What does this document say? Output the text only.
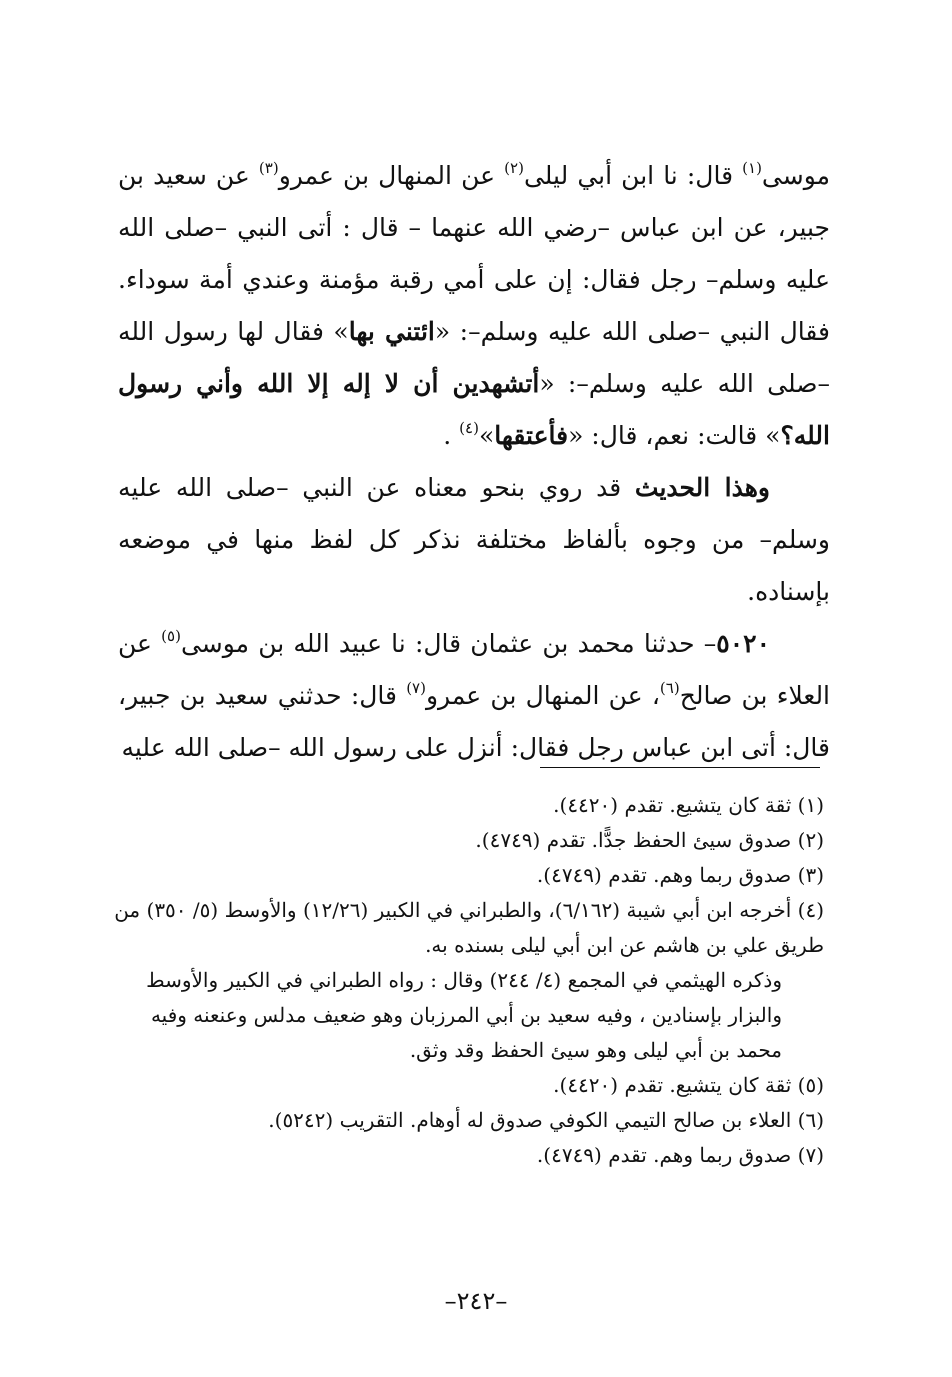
موسى$^{(١)}$ قال: نا ابن أبي ليلى$^{(٢)}$ عن المنهال بن عمرو$^{(٣)}$ عن سعيد بن جبير، عن ابن عباس –رضي الله عنهما – قال : أتى النبي –صلى الله عليه وسلم– رجل فقال: إن على أمي رقبة مؤمنة وعندي أمة سوداء. فقال النبي –صلى الله عليه وسلم–: «ائتني بها» فقال لها رسول الله –صلى الله عليه وسلم–: «أتشهدين أن لا إله إلا الله وأني رسول الله؟» قالت: نعم، قال: «فأعتقها»$^{(٤)}$ .

وهذا الحديث قد روي بنحو معناه عن النبي –صلى الله عليه وسلم– من وجوه بألفاظ مختلفة نذكر كل لفظ منها في موضعه بإسناده.

٥٠٢٠– حدثنا محمد بن عثمان قال: نا عبيد الله بن موسى$^{(٥)}$ عن العلاء بن صالح$^{(٦)}$، عن المنهال بن عمرو$^{(٧)}$ قال: حدثني سعيد بن جبير، قال: أتى ابن عباس رجل فقال: أنزل على رسول الله –صلى الله عليه

(١) ثقة كان يتشيع. تقدم (٤٤٢٠).

(٢) صدوق سيئ الحفظ جدًّا. تقدم (٤٧٤٩).

(٣) صدوق ربما وهم. تقدم (٤٧٤٩).

(٤) أخرجه ابن أبي شيبة (٦/١٦٢)، والطبراني في الكبير (١٢/٢٦) والأوسط (٥/ ٣٥٠) من طريق علي بن هاشم عن ابن أبي ليلى بسنده به.

وذكره الهيثمي في المجمع (٤/ ٢٤٤) وقال : رواه الطبراني في الكبير والأوسط والبزار بإسنادين ، وفيه سعيد بن أبي المرزبان وهو ضعيف مدلس وعنعنه وفيه محمد بن أبي ليلى وهو سيئ الحفظ وقد وثق.

(٥) ثقة كان يتشيع. تقدم (٤٤٢٠).

(٦) العلاء بن صالح التيمي الكوفي صدوق له أوهام. التقريب (٥٢٤٢).

(٧) صدوق ربما وهم. تقدم (٤٧٤٩).

–٢٤٢–
